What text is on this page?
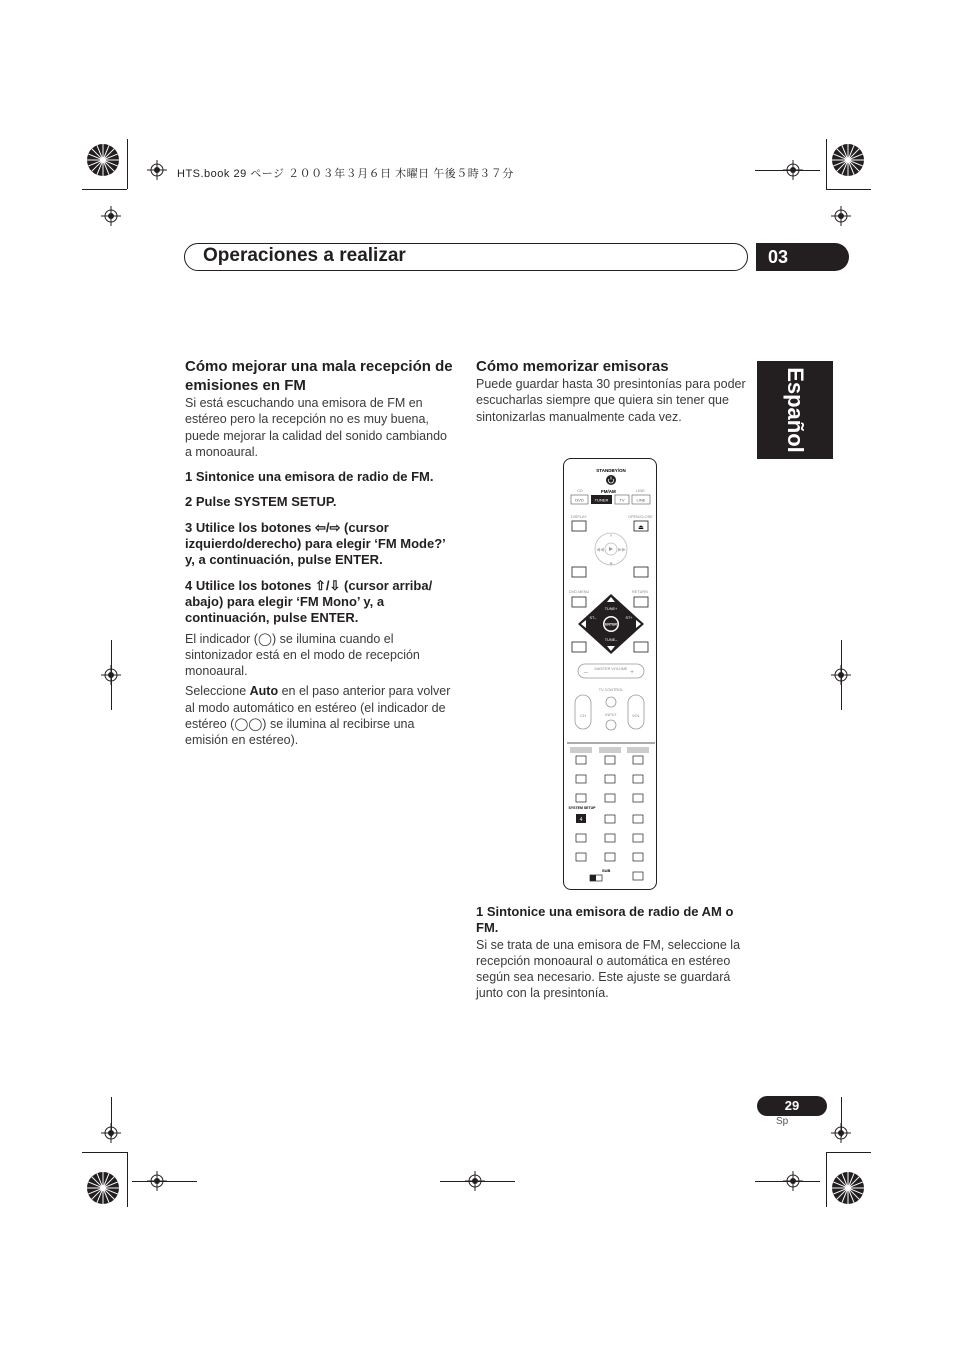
HTS.book 29 ページ ２００３年３月６日 木曜日 午後５時３７分
Operaciones a realizar	03
Español
Cómo mejorar una mala recepción de emisiones en FM

Si está escuchando una emisora de FM en estéreo pero la recepción no es muy buena, puede mejorar la calidad del sonido cambiando a monoaural.

1 Sintonice una emisora de radio de FM.
2 Pulse SYSTEM SETUP.
3 Utilice los botones ⇦/⇨ (cursor izquierdo/derecho) para elegir ‘FM Mode?’ y, a continuación, pulse ENTER.
4 Utilice los botones ⇧/⇩ (cursor arriba/ abajo) para elegir ‘FM Mono’ y, a continuación, pulse ENTER.

El indicador (◯) se ilumina cuando el sintonizador está en el modo de recepción monoaural.

Seleccione Auto en el paso anterior para volver al modo automático en estéreo (el indicador de estéreo (◯◯) se ilumina al recibirse una emisión en estéreo).

Cómo memorizar emisoras

Puede guardar hasta 30 presintonías para poder escucharlas siempre que quiera sin tener que sintonizarlas manualmente cada vez.

STANDBY/ON
CD	FM/AM	LINE
DVD	TUNER	TV	LINE
DISPLAY	OPEN/CLOSE
⏏
⏸
■
◀◀	▶▶
DVD MENU	RETURN
ENTER
TUNE+
TUNE–
ST–	ST+
MASTER VOLUME
–	+
TV CONTROL
CH	VOL
INPUT
SYSTEM SETUP
4
SUB
1 Sintonice una emisora de radio de AM o FM.

Si se trata de una emisora de FM, seleccione la recepción monoaural o automática en estéreo según sea necesario. Este ajuste se guardará junto con la presintonía.

29
Sp
